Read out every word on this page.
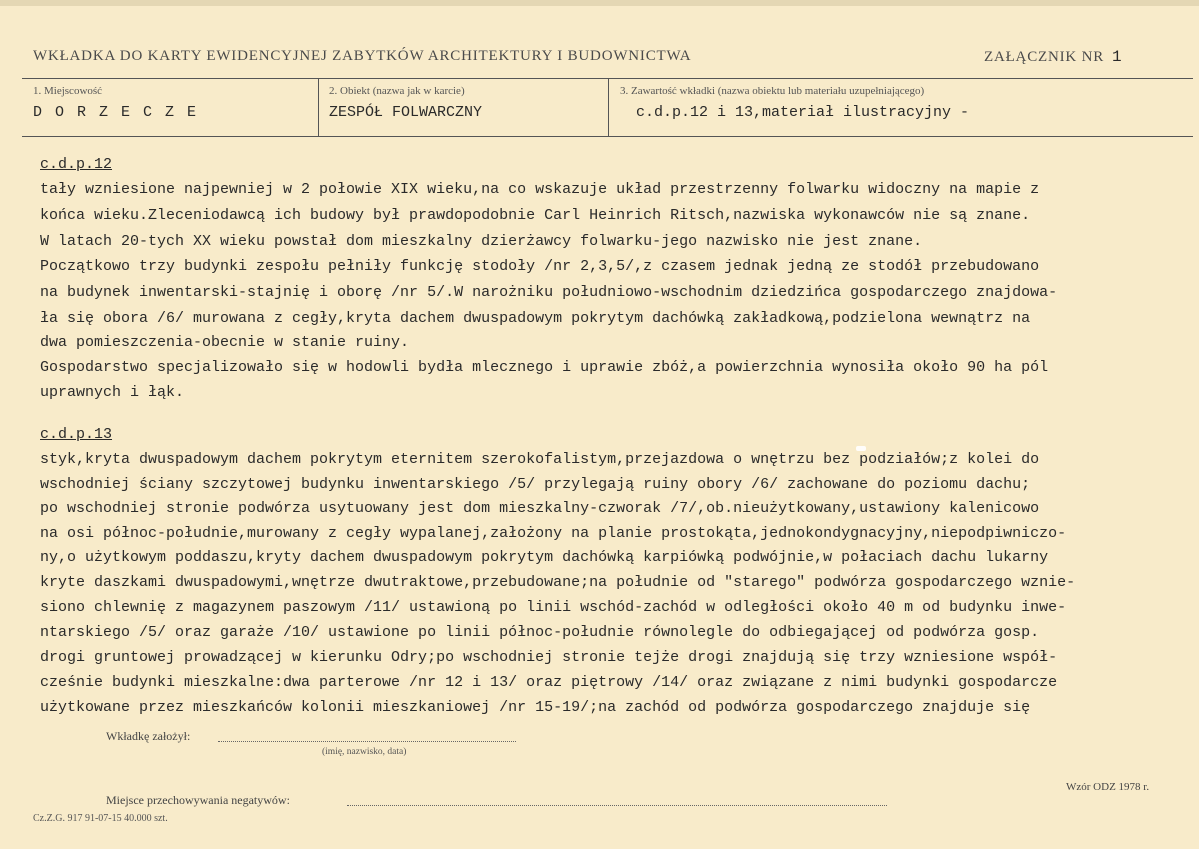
WKŁADKA DO KARTY EWIDENCYJNEJ ZABYTKÓW ARCHITEKTURY I BUDOWNICTWA	ZAŁĄCZNIK NR 1
1. Miejscowość
D O R Z E C Z E
2. Obiekt (nazwa jak w karcie)
ZESPÓŁ FOLWARCZNY
3. Zawartość wkładki (nazwa obiektu lub materiału uzupełniającego)
c.d.p.12 i 13,materiał ilustracyjny -
c.d.p.12
tały wzniesione najpewniej w 2 połowie XIX wieku,na co wskazuje układ przestrzenny folwarku widoczny na mapie z
końca wieku.Zleceniodawcą ich budowy był prawdopodobnie Carl Heinrich Ritsch,nazwiska wykonawców nie są znane.
W latach 20-tych XX wieku powstał dom mieszkalny dzierżawcy folwarku-jego nazwisko nie jest znane.
Początkowo trzy budynki zespołu pełniły funkcję stodoły /nr 2,3,5/,z czasem jednak jedną ze stodół przebudowano
na budynek inwentarski-stajnię i oborę /nr 5/.W narożniku południowo-wschodnim dziedzińca gospodarczego znajdowa-
ła się obora /6/ murowana z cegły,kryta dachem dwuspadowym pokrytym dachówką zakładkową,podzielona wewnątrz na
dwa pomieszczenia-obecnie w stanie ruiny.
Gospodarstwo specjalizowało się w hodowli bydła mlecznego i uprawie zbóż,a powierzchnia wynosiła około 90 ha pól
uprawnych i łąk.
c.d.p.13
styk,kryta dwuspadowym dachem pokrytym eternitem szerokofalistym,przejazdowa o wnętrzu bez podziałów;z kolei do
wschodniej ściany szczytowej budynku inwentarskiego /5/ przylegają ruiny obory /6/ zachowane do poziomu dachu;
po wschodniej stronie podwórza usytuowany jest dom mieszkalny-czworak /7/,ob.nieużytkowany,ustawiony kalenicowo
na osi północ-południe,murowany z cegły wypalanej,założony na planie prostokąta,jednokondygnacyjny,niepodpiwniczo-
ny,o użytkowym poddaszu,kryty dachem dwuspadowym pokrytym dachówką karpiówką podwójnie,w połaciach dachu lukarny
kryte daszkami dwuspadowymi,wnętrze dwutraktowe,przebudowane;na południe od "starego" podwórza gospodarczego wznie-
siono chlewnię z magazynem paszowym /11/ ustawioną po linii wschód-zachód w odległości około 40 m od budynku inwe-
ntarskiego /5/ oraz garaże /10/ ustawione po linii północ-południe równolegle do odbiegającej od podwórza gosp.
drogi gruntowej prowadzącej w kierunku Odry;po wschodniej stronie tejże drogi znajdują się trzy wzniesione współ-
cześnie budynki mieszkalne:dwa parterowe /nr 12 i 13/ oraz piętrowy /14/ oraz związane z nimi budynki gospodarcze
użytkowane przez mieszkańców kolonii mieszkaniowej /nr 15-19/;na zachód od podwórza gospodarczego znajduje się
Wkładkę założył:
(imię, nazwisko, data)
Miejsce przechowywania negatywów:
Wzór ODZ 1978 r.
Cz.Z.G. 917 91-07-15 40.000 szt.
